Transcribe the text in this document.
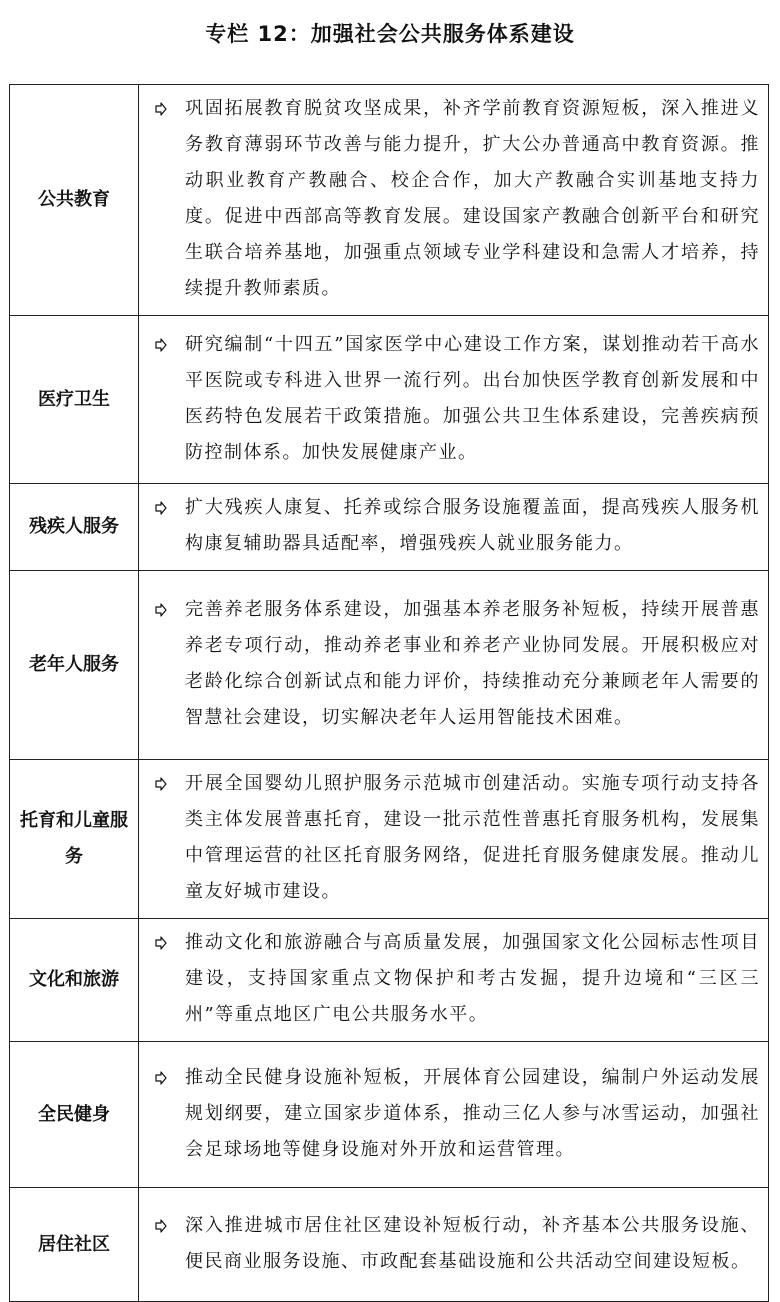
专栏 12：加强社会公共服务体系建设
公共教育	巩固拓展教育脱贫攻坚成果，补齐学前教育资源短板，深入推进义务教育薄弱环节改善与能力提升，扩大公办普通高中教育资源。推动职业教育产教融合、校企合作，加大产教融合实训基地支持力度。促进中西部高等教育发展。建设国家产教融合创新平台和研究生联合培养基地，加强重点领域专业学科建设和急需人才培养，持续提升教师素质。

医疗卫生	研究编制“十四五”国家医学中心建设工作方案，谋划推动若干高水平医院或专科进入世界一流行列。出台加快医学教育创新发展和中医药特色发展若干政策措施。加强公共卫生体系建设，完善疾病预防控制体系。加快发展健康产业。

残疾人服务	扩大残疾人康复、托养或综合服务设施覆盖面，提高残疾人服务机构康复辅助器具适配率，增强残疾人就业服务能力。

老年人服务	完善养老服务体系建设，加强基本养老服务补短板，持续开展普惠养老专项行动，推动养老事业和养老产业协同发展。开展积极应对老龄化综合创新试点和能力评价，持续推动充分兼顾老年人需要的智慧社会建设，切实解决老年人运用智能技术困难。

托育和儿童服务	开展全国婴幼儿照护服务示范城市创建活动。实施专项行动支持各类主体发展普惠托育，建设一批示范性普惠托育服务机构，发展集中管理运营的社区托育服务网络，促进托育服务健康发展。推动儿童友好城市建设。

文化和旅游	推动文化和旅游融合与高质量发展，加强国家文化公园标志性项目建设，支持国家重点文物保护和考古发掘，提升边境和“三区三州”等重点地区广电公共服务水平。

全民健身	推动全民健身设施补短板，开展体育公园建设，编制户外运动发展规划纲要，建立国家步道体系，推动三亿人参与冰雪运动，加强社会足球场地等健身设施对外开放和运营管理。

居住社区	深入推进城市居住社区建设补短板行动，补齐基本公共服务设施、便民商业服务设施、市政配套基础设施和公共活动空间建设短板。
